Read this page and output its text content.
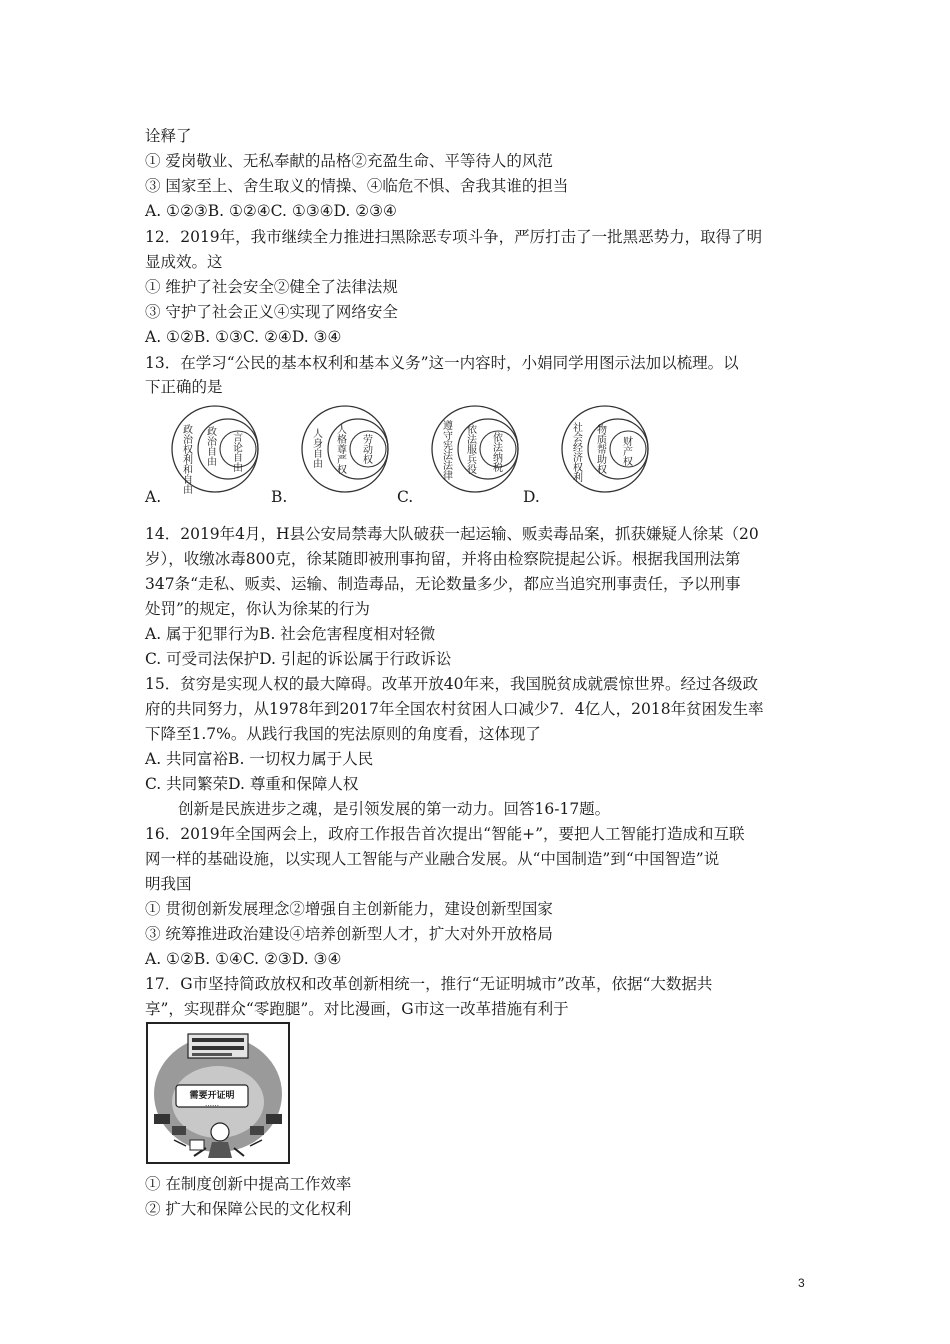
诠释了
① 爱岗敬业、无私奉献的品格②充盈生命、平等待人的风范
③ 国家至上、舍生取义的情操、④临危不惧、舍我其谁的担当
A. ①②③B. ①②④C. ①③④D. ②③④
12．2019年，我市继续全力推进扫黑除恶专项斗争，严厉打击了一批黑恶势力，取得了明
显成效。这
① 维护了社会安全②健全了法律法规
③ 守护了社会正义④实现了网络安全
A. ①②B. ①③C. ②④D. ③④
13．在学习“公民的基本权利和基本义务”这一内容时，小娟同学用图示法加以梳理。以
下正确的是
政治权利和自由 政治自由 言论自由	人身自由 人格尊严权 劳动权	遵守宪法法律 依法服兵役 依法纳税	社会经济权利 物质帮助权 财产权
A.	B.	C.	D.
14．2019年4月，H县公安局禁毒大队破获一起运输、贩卖毒品案，抓获嫌疑人徐某（20
岁），收缴冰毒800克，徐某随即被刑事拘留，并将由检察院提起公诉。根据我国刑法第
347条“走私、贩卖、运输、制造毒品，无论数量多少，都应当追究刑事责任，予以刑事
处罚”的规定，你认为徐某的行为
A. 属于犯罪行为B. 社会危害程度相对轻微
C. 可受司法保护D. 引起的诉讼属于行政诉讼
15．贫穷是实现人权的最大障碍。改革开放40年来，我国脱贫成就震惊世界。经过各级政
府的共同努力，从1978年到2017年全国农村贫困人口减少7．4亿人，2018年贫困发生率
下降至1.7%。从践行我国的宪法原则的角度看，这体现了
A. 共同富裕B. 一切权力属于人民
C. 共同繁荣D. 尊重和保障人权
创新是民族进步之魂，是引领发展的第一动力。回答16-17题。
16．2019年全国两会上，政府工作报告首次提出“智能+”，要把人工智能打造成和互联
网一样的基础设施，以实现人工智能与产业融合发展。从“中国制造”到“中国智造”说
明我国
① 贯彻创新发展理念②增强自主创新能力，建设创新型国家
③ 统筹推进政治建设④培养创新型人才，扩大对外开放格局
A. ①②B. ①④C. ②③D. ③④
17．G市坚持简政放权和改革创新相统一，推行“无证明城市”改革，依据“大数据共
享”，实现群众“零跑腿”。对比漫画，G市这一改革措施有利于
需要开证明
……
① 在制度创新中提高工作效率
② 扩大和保障公民的文化权利
3
